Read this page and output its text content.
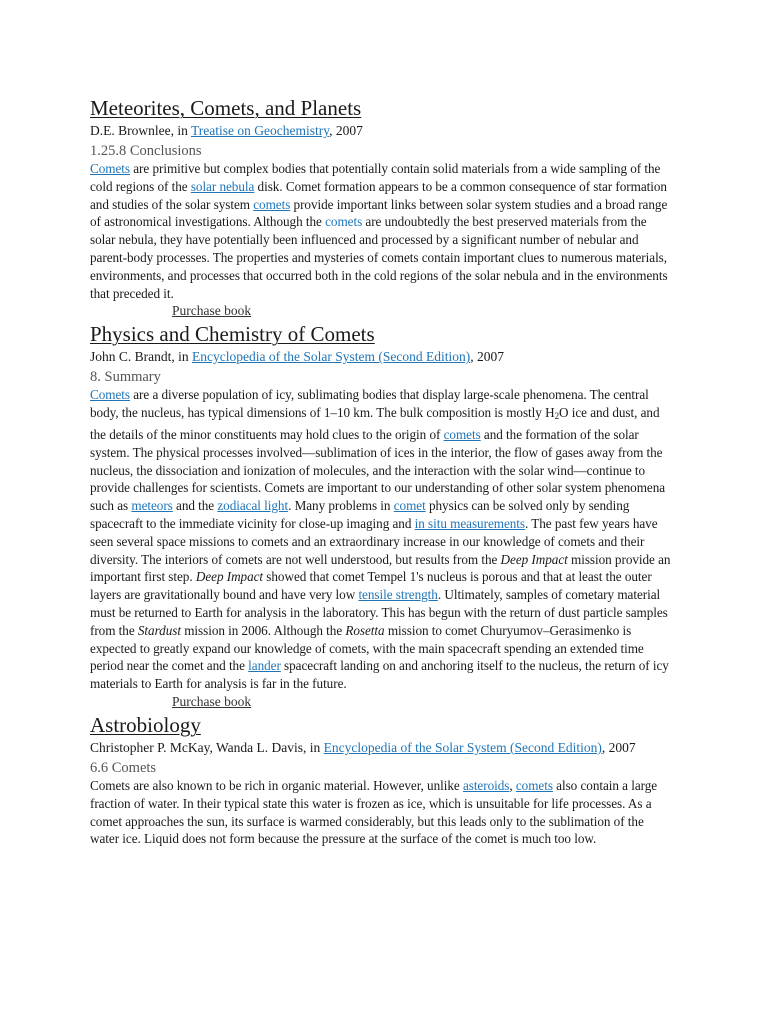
Meteorites, Comets, and Planets
D.E. Brownlee, in Treatise on Geochemistry, 2007
1.25.8 Conclusions

Comets are primitive but complex bodies that potentially contain solid materials from a wide sampling of the cold regions of the solar nebula disk. Comet formation appears to be a common consequence of star formation and studies of the solar system comets provide important links between solar system studies and a broad range of astronomical investigations. Although the comets are undoubtedly the best preserved materials from the solar nebula, they have potentially been influenced and processed by a significant number of nebular and parent-body processes. The properties and mysteries of comets contain important clues to numerous materials, environments, and processes that occurred both in the cold regions of the solar nebula and in the environments that preceded it.

Purchase book
Physics and Chemistry of Comets
John C. Brandt, in Encyclopedia of the Solar System (Second Edition), 2007
8. Summary

Comets are a diverse population of icy, sublimating bodies that display large-scale phenomena. The central body, the nucleus, has typical dimensions of 1–10 km. The bulk composition is mostly $H_2O$ ice and dust, and the details of the minor constituents may hold clues to the origin of comets and the formation of the solar system. The physical processes involved—sublimation of ices in the interior, the flow of gases away from the nucleus, the dissociation and ionization of molecules, and the interaction with the solar wind—continue to provide challenges for scientists. Comets are important to our understanding of other solar system phenomena such as meteors and the zodiacal light. Many problems in comet physics can be solved only by sending spacecraft to the immediate vicinity for close-up imaging and in situ measurements. The past few years have seen several space missions to comets and an extraordinary increase in our knowledge of comets and their diversity. The interiors of comets are not well understood, but results from the Deep Impact mission provide an important first step. Deep Impact showed that comet Tempel 1's nucleus is porous and that at least the outer layers are gravitationally bound and have very low tensile strength. Ultimately, samples of cometary material must be returned to Earth for analysis in the laboratory. This has begun with the return of dust particle samples from the Stardust mission in 2006. Although the Rosetta mission to comet Churyumov–Gerasimenko is expected to greatly expand our knowledge of comets, with the main spacecraft spending an extended time period near the comet and the lander spacecraft landing on and anchoring itself to the nucleus, the return of icy materials to Earth for analysis is far in the future.

Purchase book
Astrobiology
Christopher P. McKay, Wanda L. Davis, in Encyclopedia of the Solar System (Second Edition), 2007
6.6 Comets

Comets are also known to be rich in organic material. However, unlike asteroids, comets also contain a large fraction of water. In their typical state this water is frozen as ice, which is unsuitable for life processes. As a comet approaches the sun, its surface is warmed considerably, but this leads only to the sublimation of the water ice. Liquid does not form because the pressure at the surface of the comet is much too low.
